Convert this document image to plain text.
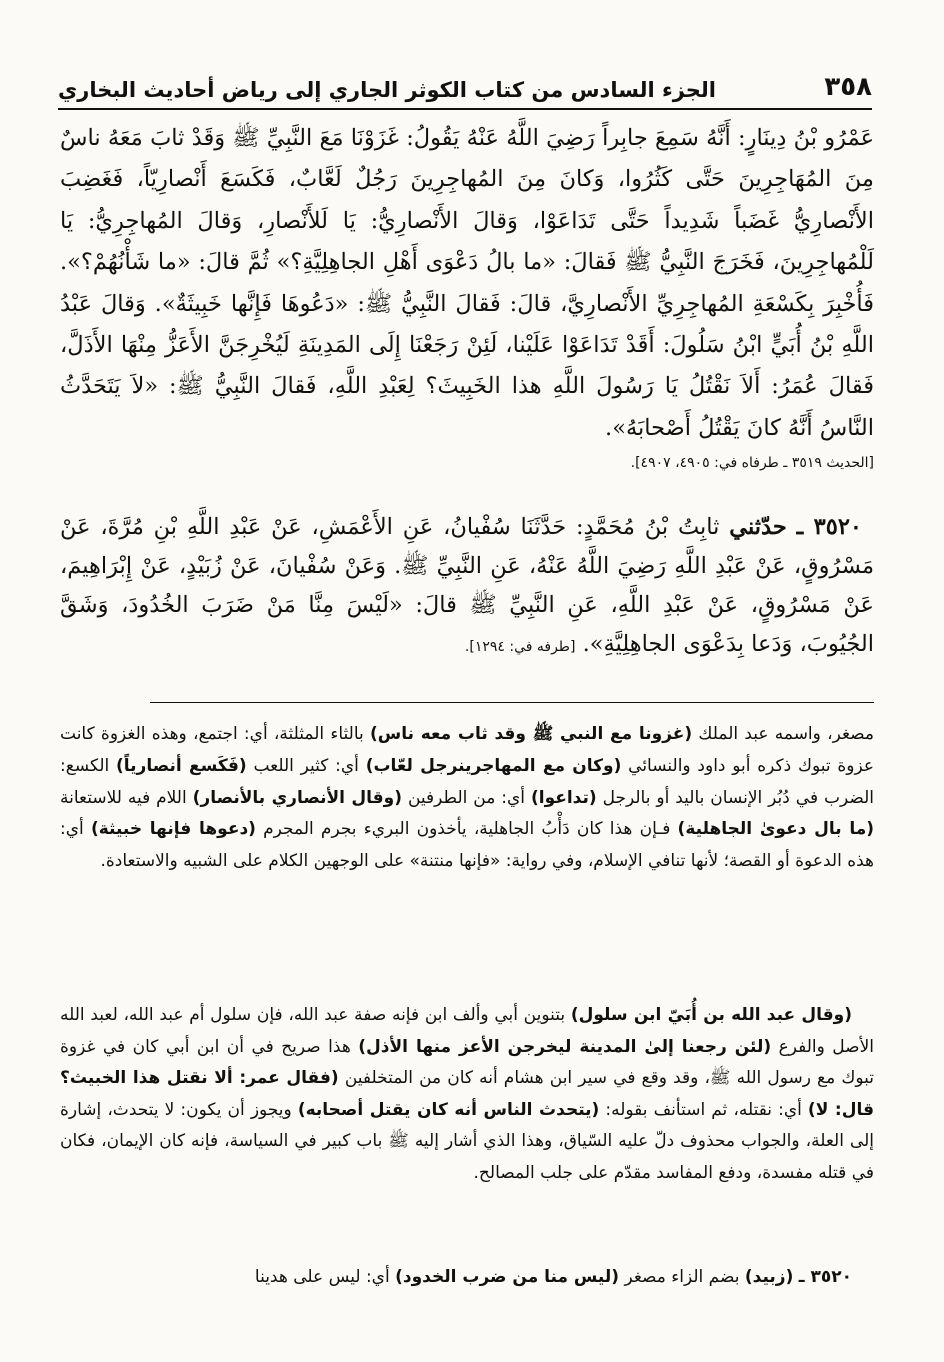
٣٥٨
الجزء السادس من كتاب الكوثر الجاري إلى رياض أحاديث البخاري

عَمْرُو بْنُ دِينَارٍ: أَنَّهُ سَمِعَ جابِراً رَضِيَ اللَّهُ عَنْهُ يَقُولُ: غَزَوْنَا مَعَ النَّبِيِّ ﷺ وَقَدْ ثابَ مَعَهُ ناسٌ مِنَ المُهَاجِرِينَ حَتَّى كَثُرُوا، وَكانَ مِنَ المُهاجِرِينَ رَجُلٌ لَعَّابٌ، فَكَسَعَ أَنْصارِيّاً، فَغَضِبَ الأَنْصارِيُّ غَضَباً شَدِيداً حَتَّى تَدَاعَوْا، وَقالَ الأَنْصارِيُّ: يَا لَلأَنْصارِ، وَقالَ المُهاجِرِيُّ: يَا لَلْمُهاجِرِينَ، فَخَرَجَ النَّبِيُّ ﷺ فَقالَ: «ما بالُ دَعْوَى أَهْلِ الجاهِلِيَّةِ؟» ثُمَّ قالَ: «ما شَأْنُهُمْ؟». فَأُخْبِرَ بِكَسْعَةِ المُهاجِرِيِّ الأَنْصارِيَّ، قالَ: فَقالَ النَّبِيُّ ﷺ: «دَعُوهَا فَإِنَّها خَبِيثَةٌ». وَقالَ عَبْدُ اللَّهِ بْنُ أُبَيٍّ ابْنُ سَلُولَ: أَقَدْ تَدَاعَوْا عَلَيْنا، لَئِنْ رَجَعْنَا إِلَى المَدِينَةِ لَيُخْرِجَنَّ الأَعَزُّ مِنْهَا الأَذَلَّ، فَقالَ عُمَرُ: أَلاَ نَقْتُلُ يَا رَسُولَ اللَّهِ هذا الخَبِيثَ؟ لِعَبْدِ اللَّهِ، فَقالَ النَّبِيُّ ﷺ: «لاَ يَتَحَدَّثُ النَّاسُ أَنَّهُ كانَ يَقْتُلُ أَصْحابَهُ».

[الحديث ٣٥١٩ ـ طرفاه في: ٤٩٠٥، ٤٩٠٧].

٣٥٢٠ ـ حدّثني ثابِتُ بْنُ مُحَمَّدٍ: حَدَّثَنَا سُفْيانُ، عَنِ الأَعْمَشِ، عَنْ عَبْدِ اللَّهِ بْنِ مُرَّةَ، عَنْ مَسْرُوقٍ، عَنْ عَبْدِ اللَّهِ رَضِيَ اللَّهُ عَنْهُ، عَنِ النَّبِيِّ ﷺ. وَعَنْ سُفْيانَ، عَنْ زُبَيْدٍ، عَنْ إِبْرَاهِيمَ، عَنْ مَسْرُوقٍ، عَنْ عَبْدِ اللَّهِ، عَنِ النَّبِيِّ ﷺ قالَ: «لَيْسَ مِنَّا مَنْ ضَرَبَ الخُدُودَ، وَشَقَّ الجُيُوبَ، وَدَعا بِدَعْوَى الجاهِلِيَّةِ». [طرفه في: ١٢٩٤].

مصغر، واسمه عبد الملك (غزونا مع النبي ﷺ وقد ثاب معه ناس) بالثاء المثلثة، أي: اجتمع، وهذه الغزوة كانت عزوة تبوك ذكره أبو داود والنسائي (وكان مع المهاجرينرجل لعّاب) أي: كثير اللعب (فَكَسع أنصارياً) الكسع: الضرب في دُبُر الإنسان باليد أو بالرجل (تداعوا) أي: من الطرفين (وقال الأنصاري بالأنصار) اللام فيه للاستعانة (ما بال دعوىٰ الجاهلية) فـإن هذا كان دَأْبُ الجاهلية، يأخذون البريء بجرم المجرم (دعوها فإنها خبيثة) أي: هذه الدعوة أو القصة؛ لأنها تنافي الإسلام، وفي رواية: «فإنها منتنة» على الوجهين الكلام على الشبيه والاستعادة.

(وقال عبد الله بن أُبَيّ ابن سلول) بتنوين أبي وألف ابن فإنه صفة عبد الله، فإن سلول أم عبد الله، لعبد الله الأصل والفرع (لئن رجعنا إلىٰ المدينة ليخرجن الأعز منها الأذل) هذا صريح في أن ابن أبي كان في غزوة تبوك مع رسول الله ﷺ، وقد وقع في سير ابن هشام أنه كان من المتخلفين (فقال عمر: ألا نقتل هذا الخبيث؟ قال: لا) أي: نقتله، ثم استأنف بقوله: (يتحدث الناس أنه كان يقتل أصحابه) ويجوز أن يكون: لا يتحدث، إشارة إلى العلة، والجواب محذوف دلّ عليه السّياق، وهذا الذي أشار إليه ﷺ باب كبير في السياسة، فإنه كان الإيمان، فكان في قتله مفسدة، ودفع المفاسد مقدّم على جلب المصالح.

٣٥٢٠ ـ (زبيد) بضم الزاء مصغر (ليس منا من ضرب الخدود) أي: ليس على هدينا
